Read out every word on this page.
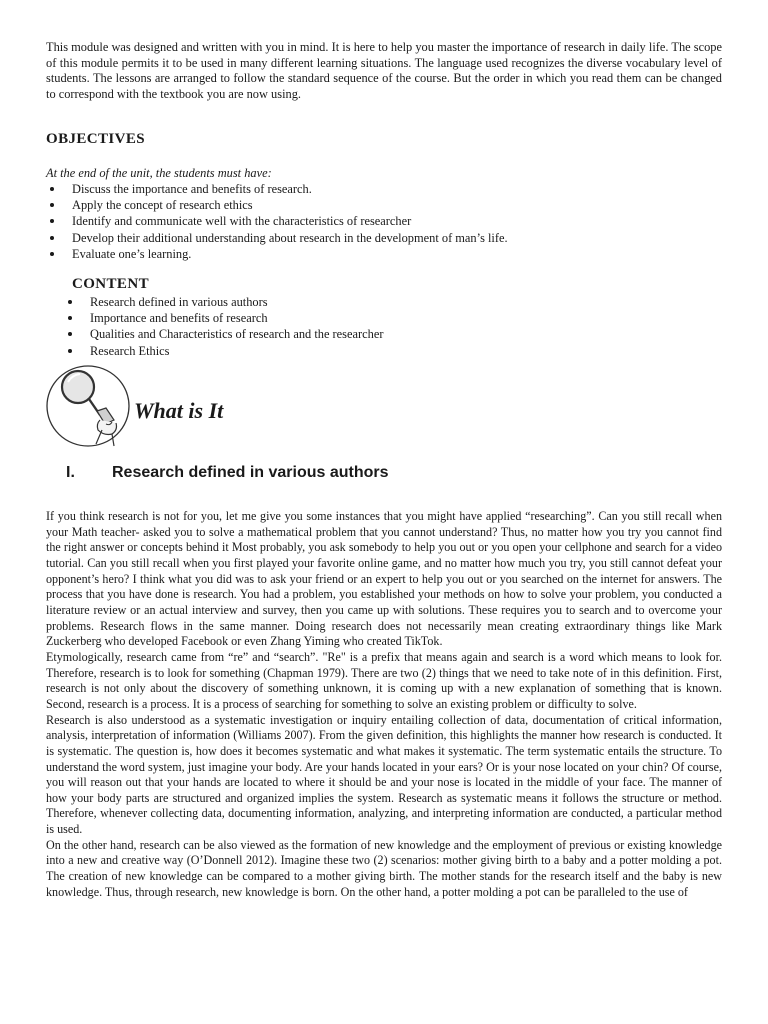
This module was designed and written with you in mind. It is here to help you master the importance of research in daily life. The scope of this module permits it to be used in many different learning situations. The language used recognizes the diverse vocabulary level of students. The lessons are arranged to follow the standard sequence of the course. But the order in which you read them can be changed to correspond with the textbook you are now using.

OBJECTIVES

At the end of the unit, the students must have:

Discuss the importance and benefits of research.
Apply the concept of research ethics
Identify and communicate well with the characteristics of researcher
Develop their additional understanding about research in the development of man’s life.
Evaluate one’s learning.
CONTENT
Research defined in various authors
Importance and benefits of research
Qualities and Characteristics of research and the researcher
Research Ethics
What is It
I. Research defined in various authors

If you think research is not for you, let me give you some instances that you might have applied “researching”. Can you still recall when your Math teacher- asked you to solve a mathematical problem that you cannot understand? Thus, no matter how you try you cannot find the right answer or concepts behind it Most probably, you ask somebody to help you out or you open your cellphone and search for a video tutorial. Can you still recall when you first played your favorite online game, and no matter how much you try, you still cannot defeat your opponent’s hero? I think what you did was to ask your friend or an expert to help you out or you searched on the internet for answers. The process that you have done is research. You had a problem, you established your methods on how to solve your problem, you conducted a literature review or an actual interview and survey, then you came up with solutions. These requires you to search and to overcome your problems. Research flows in the same manner. Doing research does not necessarily mean creating extraordinary things like Mark Zuckerberg who developed Facebook or even Zhang Yiming who created TikTok.

Etymologically, research came from “re” and “search”. "Re" is a prefix that means again and search is a word which means to look for. Therefore, research is to look for something (Chapman 1979). There are two (2) things that we need to take note of in this definition. First, research is not only about the discovery of something unknown, it is coming up with a new explanation of something that is known. Second, research is a process. It is a process of searching for something to solve an existing problem or difficulty to solve.

Research is also understood as a systematic investigation or inquiry entailing collection of data, documentation of critical information, analysis, interpretation of information (Williams 2007). From the given definition, this highlights the manner how research is conducted. It is systematic. The question is, how does it becomes systematic and what makes it systematic. The term systematic entails the structure. To understand the word system, just imagine your body. Are your hands located in your ears? Or is your nose located on your chin? Of course, you will reason out that your hands are located to where it should be and your nose is located in the middle of your face. The manner of how your body parts are structured and organized implies the system. Research as systematic means it follows the structure or method. Therefore, whenever collecting data, documenting information, analyzing, and interpreting information are conducted, a particular method is used.

On the other hand, research can be also viewed as the formation of new knowledge and the employment of previous or existing knowledge into a new and creative way (O’Donnell 2012). Imagine these two (2) scenarios: mother giving birth to a baby and a potter molding a pot. The creation of new knowledge can be compared to a mother giving birth. The mother stands for the research itself and the baby is new knowledge. Thus, through research, new knowledge is born. On the other hand, a potter molding a pot can be paralleled to the use of
